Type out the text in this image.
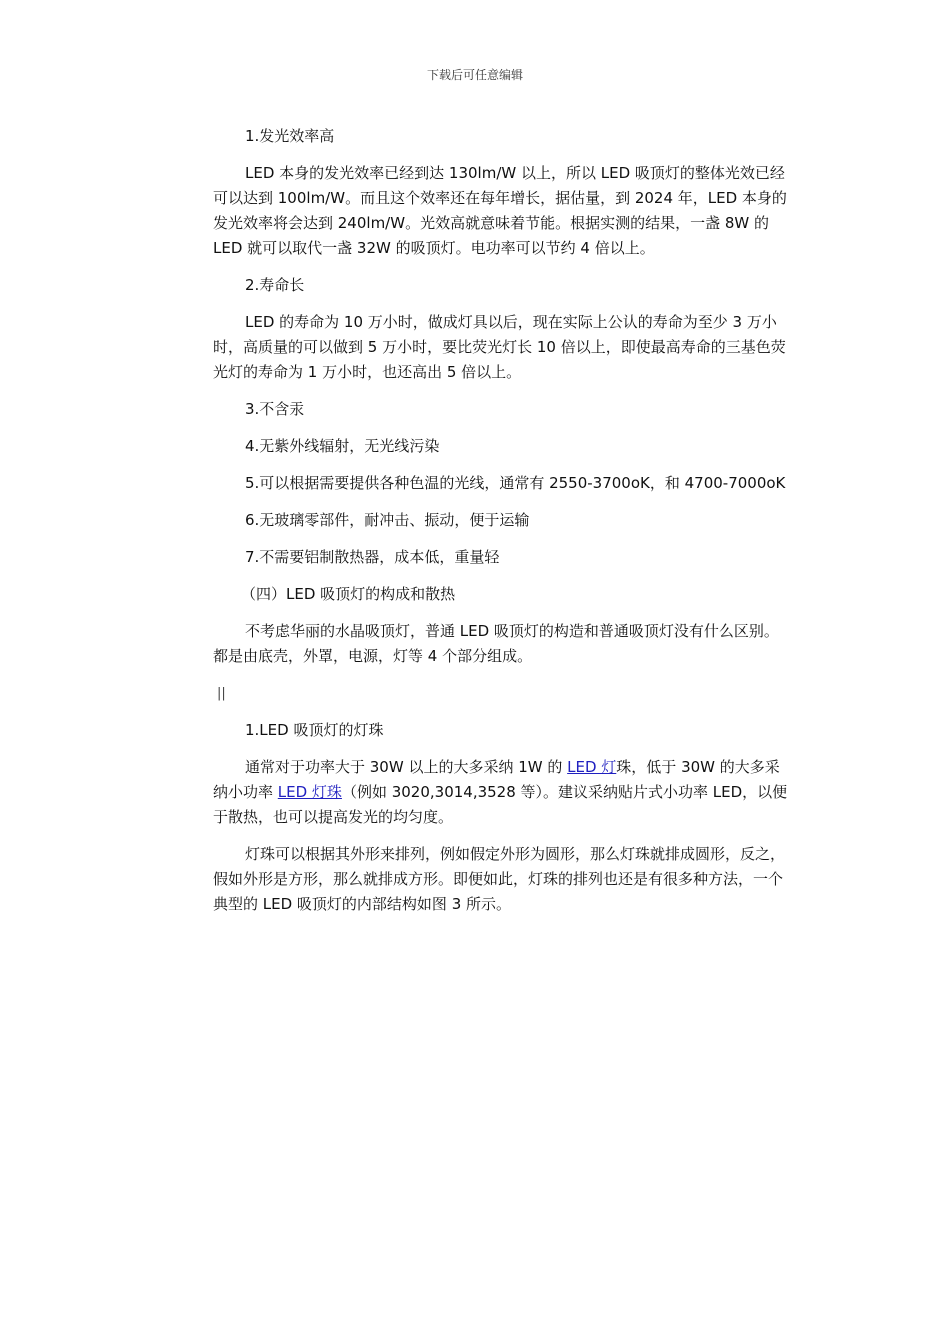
下载后可任意编辑

1.发光效率高

LED 本身的发光效率已经到达 130lm/W 以上，所以 LED 吸顶灯的整体光效已经可以达到 100lm/W。而且这个效率还在每年增长，据估量，到 2024 年，LED 本身的发光效率将会达到 240lm/W。光效高就意味着节能。根据实测的结果，一盏 8W 的 LED 就可以取代一盏 32W 的吸顶灯。电功率可以节约 4 倍以上。

2.寿命长

LED 的寿命为 10 万小时，做成灯具以后，现在实际上公认的寿命为至少 3 万小时，高质量的可以做到 5 万小时，要比荧光灯长 10 倍以上，即使最高寿命的三基色荧光灯的寿命为 1 万小时，也还高出 5 倍以上。

3.不含汞

4.无紫外线辐射，无光线污染

5.可以根据需要提供各种色温的光线，通常有 2550-3700oK，和 4700-7000oK

6.无玻璃零部件，耐冲击、振动，便于运输

7.不需要铝制散热器，成本低，重量轻

（四）LED 吸顶灯的构成和散热

不考虑华丽的水晶吸顶灯，普通 LED 吸顶灯的构造和普通吸顶灯没有什么区别。都是由底壳，外罩，电源，灯等 4 个部分组成。

||

1.LED 吸顶灯的灯珠

通常对于功率大于 30W 以上的大多采纳 1W 的 LED 灯珠，低于 30W 的大多采纳小功率 LED 灯珠（例如 3020,3014,3528 等）。建议采纳贴片式小功率 LED，以便于散热，也可以提高发光的均匀度。

灯珠可以根据其外形来排列，例如假定外形为圆形，那么灯珠就排成圆形，反之，假如外形是方形，那么就排成方形。即便如此，灯珠的排列也还是有很多种方法，一个典型的 LED 吸顶灯的内部结构如图 3 所示。
